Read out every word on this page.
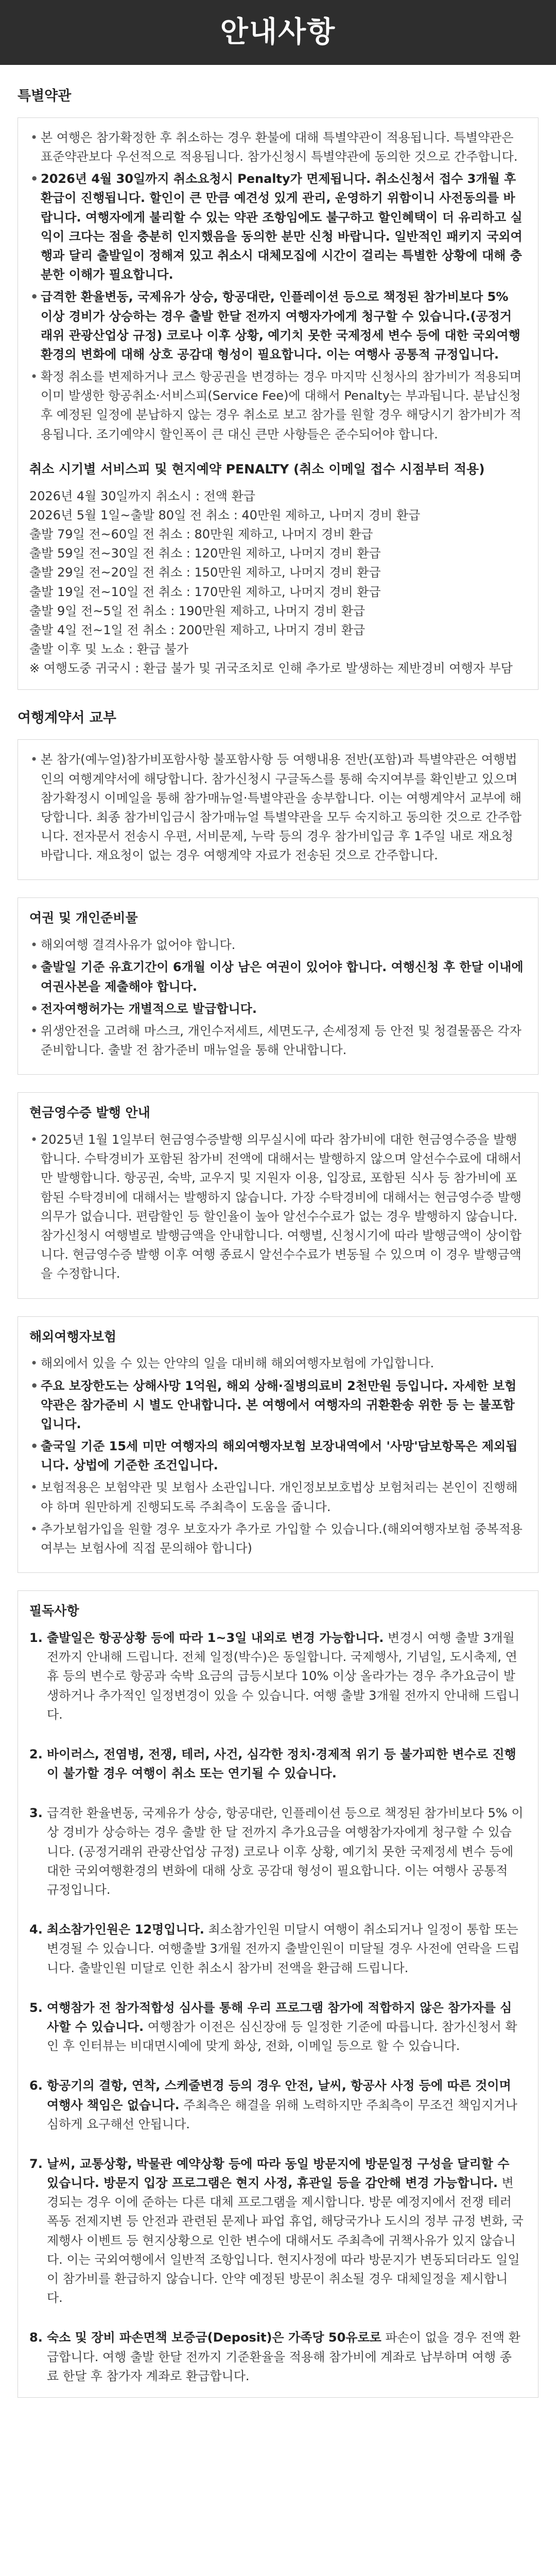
안내사항
특별약관
• 본 여행은 참가확정한 후 취소하는 경우 환불에 대해 특별약관이 적용됩니다. 특별약관은 표준약관보다 우선적으로 적용됩니다. 참가신청시 특별약관에 동의한 것으로 간주합니다.
• 2026년 4월 30일까지 취소요청시 Penalty가 면제됩니다. 취소신청서 접수 3개월 후 환급이 진행됩니다. 할인이 큰 만큼 예견성 있게 관리, 운영하기 위함이니 사전동의를 바랍니다. 여행자에게 불리할 수 있는 약관 조항임에도 불구하고 할인혜택이 더 유리하고 실익이 크다는 점을 충분히 인지했음을 동의한 분만 신청 바랍니다. 일반적인 패키지 국외여행과 달리 출발일이 정해져 있고 취소시 대체모집에 시간이 걸리는 특별한 상황에 대해 충분한 이해가 필요합니다.
• 급격한 환율변동, 국제유가 상승, 항공대란, 인플레이션 등으로 책정된 참가비보다 5% 이상 경비가 상승하는 경우 출발 한달 전까지 여행자가에게 청구할 수 있습니다.(공정거래위 관광산업상 규정) 코로나 이후 상황, 예기치 못한 국제정세 변수 등에 대한 국외여행환경의 변화에 대해 상호 공감대 형성이 필요합니다. 이는 여행사 공통적 규정입니다.
• 확정 취소를 변제하거나 코스 항공권을 변경하는 경우 마지막 신청사의 참가비가 적용되며 이미 발생한 항공취소·서비스피(Service Fee)에 대해서 Penalty는 부과됩니다. 분납신청 후 예정된 일정에 분납하지 않는 경우 취소로 보고 참가를 원할 경우 해당시기 참가비가 적용됩니다. 조기예약시 할인폭이 큰 대신 큰만 사항들은 준수되어야 합니다.
취소 시기별 서비스피 및 현지예약 PENALTY (취소 이메일 접수 시점부터 적용)

2026년 4월 30일까지 취소시 : 전액 환급

2026년 5월 1일~출발 80일 전 취소 : 40만원 제하고, 나머지 경비 환급

출발 79일 전~60일 전 취소 : 80만원 제하고, 나머지 경비 환급

출발 59일 전~30일 전 취소 : 120만원 제하고, 나머지 경비 환급

출발 29일 전~20일 전 취소 : 150만원 제하고, 나머지 경비 환급

출발 19일 전~10일 전 취소 : 170만원 제하고, 나머지 경비 환급

출발 9일 전~5일 전 취소 : 190만원 제하고, 나머지 경비 환급

출발 4일 전~1일 전 취소 : 200만원 제하고, 나머지 경비 환급

출발 이후 및 노쇼 : 환급 불가

※ 여행도중 귀국시 : 환급 불가 및 귀국조치로 인해 추가로 발생하는 제반경비 여행자 부담

여행계약서 교부
• 본 참가(예누얼)참가비포함사항 불포함사항 등 여행내용 전반(포함)과 특별약관은 여행법인의 여행계약서에 해당합니다. 참가신청시 구글독스를 통해 숙지여부를 확인받고 있으며 참가확정시 이메일을 통해 참가매뉴얼·특별약관을 송부합니다. 이는 여행계약서 교부에 해당합니다. 최종 참가비입금시 참가매뉴얼 특별약관을 모두 숙지하고 동의한 것으로 간주합니다. 전자문서 전송시 우편, 서비문제, 누락 등의 경우 참가비입금 후 1주일 내로 재요청 바랍니다. 재요청이 없는 경우 여행계약 자료가 전송된 것으로 간주합니다.
여권 및 개인준비물
• 해외여행 결격사유가 없어야 합니다.
• 출발일 기준 유효기간이 6개월 이상 남은 여권이 있어야 합니다. 여행신청 후 한달 이내에 여권사본을 제출해야 합니다.
• 전자여행허가는 개별적으로 발급합니다.
• 위생안전을 고려해 마스크, 개인수저세트, 세면도구, 손세정제 등 안전 및 청결물품은 각자 준비합니다. 출발 전 참가준비 매뉴얼을 통해 안내합니다.
현금영수증 발행 안내
• 2025년 1월 1일부터 현금영수증발행 의무실시에 따라 참가비에 대한 현금영수증을 발행합니다. 수탁경비가 포함된 참가비 전액에 대해서는 발행하지 않으며 알선수수료에 대해서만 발행합니다. 항공권, 숙박, 교우지 및 지원자 이용, 입장료, 포함된 식사 등 참가비에 포함된 수탁경비에 대해서는 발행하지 않습니다. 가장 수탁경비에 대해서는 현금영수증 발행 의무가 없습니다. 편람할인 등 할인율이 높아 알선수수료가 없는 경우 발행하지 않습니다. 참가신청시 여행별로 발행금액을 안내합니다. 여행별, 신청시기에 따라 발행금액이 상이합니다. 현금영수증 발행 이후 여행 종료시 알선수수료가 변동될 수 있으며 이 경우 발행금액을 수정합니다.
해외여행자보험
• 해외에서 있을 수 있는 안약의 일을 대비해 해외여행자보험에 가입합니다.
• 주요 보장한도는 상해사망 1억원, 해외 상해·질병의료비 2천만원 등입니다. 자세한 보험약관은 참가준비 시 별도 안내합니다. 본 여행에서 여행자의 귀환환송 위한 등 는 불포함입니다.
• 출국일 기준 15세 미만 여행자의 해외여행자보험 보장내역에서 '사망'담보항목은 제외됩니다. 상법에 기준한 조건입니다.
• 보험적용은 보험약관 및 보험사 소관입니다. 개인정보보호법상 보험처리는 본인이 진행해야 하며 원만하게 진행되도록 주최측이 도움을 줍니다.
• 추가보험가입을 원할 경우 보호자가 추가로 가입할 수 있습니다.(해외여행자보험 중복적용 여부는 보험사에 직접 문의해야 합니다)
필독사항
1. 출발일은 항공상황 등에 따라 1~3일 내외로 변경 가능합니다. 변경시 여행 출발 3개월 전까지 안내해 드립니다. 전체 일정(박수)은 동일합니다. 국제행사, 기념일, 도시축제, 연휴 등의 변수로 항공과 숙박 요금의 급등시보다 10% 이상 올라가는 경우 추가요금이 발생하거나 추가적인 일정변경이 있을 수 있습니다. 여행 출발 3개월 전까지 안내해 드립니다.
2. 바이러스, 전염병, 전쟁, 테러, 사건, 심각한 정치·경제적 위기 등 불가피한 변수로 진행이 불가할 경우 여행이 취소 또는 연기될 수 있습니다.
3. 급격한 환율변동, 국제유가 상승, 항공대란, 인플레이션 등으로 책정된 참가비보다 5% 이상 경비가 상승하는 경우 출발 한 달 전까지 추가요금을 여행참가자에게 청구할 수 있습니다. (공정거래위 관광산업상 규정) 코로나 이후 상황, 예기치 못한 국제정세 변수 등에 대한 국외여행환경의 변화에 대해 상호 공감대 형성이 필요합니다. 이는 여행사 공통적 규정입니다.
4. 최소참가인원은 12명입니다. 최소참가인원 미달시 여행이 취소되거나 일정이 통합 또는 변경될 수 있습니다. 여행출발 3개월 전까지 출발인원이 미달될 경우 사전에 연락을 드립니다. 출발인원 미달로 인한 취소시 참가비 전액을 환급해 드립니다.
5. 여행참가 전 참가적합성 심사를 통해 우리 프로그램 참가에 적합하지 않은 참가자를 심사할 수 있습니다. 여행참가 이전은 심신장애 등 일정한 기준에 따릅니다. 참가신청서 확인 후 인터뷰는 비대면시예에 맞게 화상, 전화, 이메일 등으로 할 수 있습니다.
6. 항공기의 결항, 연착, 스케줄변경 등의 경우 안전, 날씨, 항공사 사정 등에 따른 것이며 여행사 책임은 없습니다. 주최측은 해결을 위해 노력하지만 주최측이 무조건 책임지거나 심하게 요구해선 안됩니다.
7. 날씨, 교통상황, 박물관 예약상황 등에 따라 동일 방문지에 방문일정 구성을 달리할 수 있습니다. 방문지 입장 프로그램은 현지 사정, 휴관일 등을 감안해 변경 가능합니다. 변경되는 경우 이에 준하는 다른 대체 프로그램을 제시합니다. 방문 예정지에서 전쟁 테러 폭동 전제지변 등 안전과 관련된 문제나 파업 휴업, 해당국가나 도시의 정부 규정 변화, 국제행사 이벤트 등 현지상황으로 인한 변수에 대해서도 주최측에 귀책사유가 있지 않습니다. 이는 국외여행에서 일반적 조항입니다. 현지사정에 따라 방문지가 변동되더라도 일일이 참가비를 환급하지 않습니다. 안약 예정된 방문이 취소될 경우 대체일정을 제시합니다.
8. 숙소 및 장비 파손면책 보증금(Deposit)은 가족당 50유로로 파손이 없을 경우 전액 환급합니다. 여행 출발 한달 전까지 기준환율을 적용해 참가비에 계좌로 납부하며 여행 종료 한달 후 참가자 계좌로 환급합니다.
